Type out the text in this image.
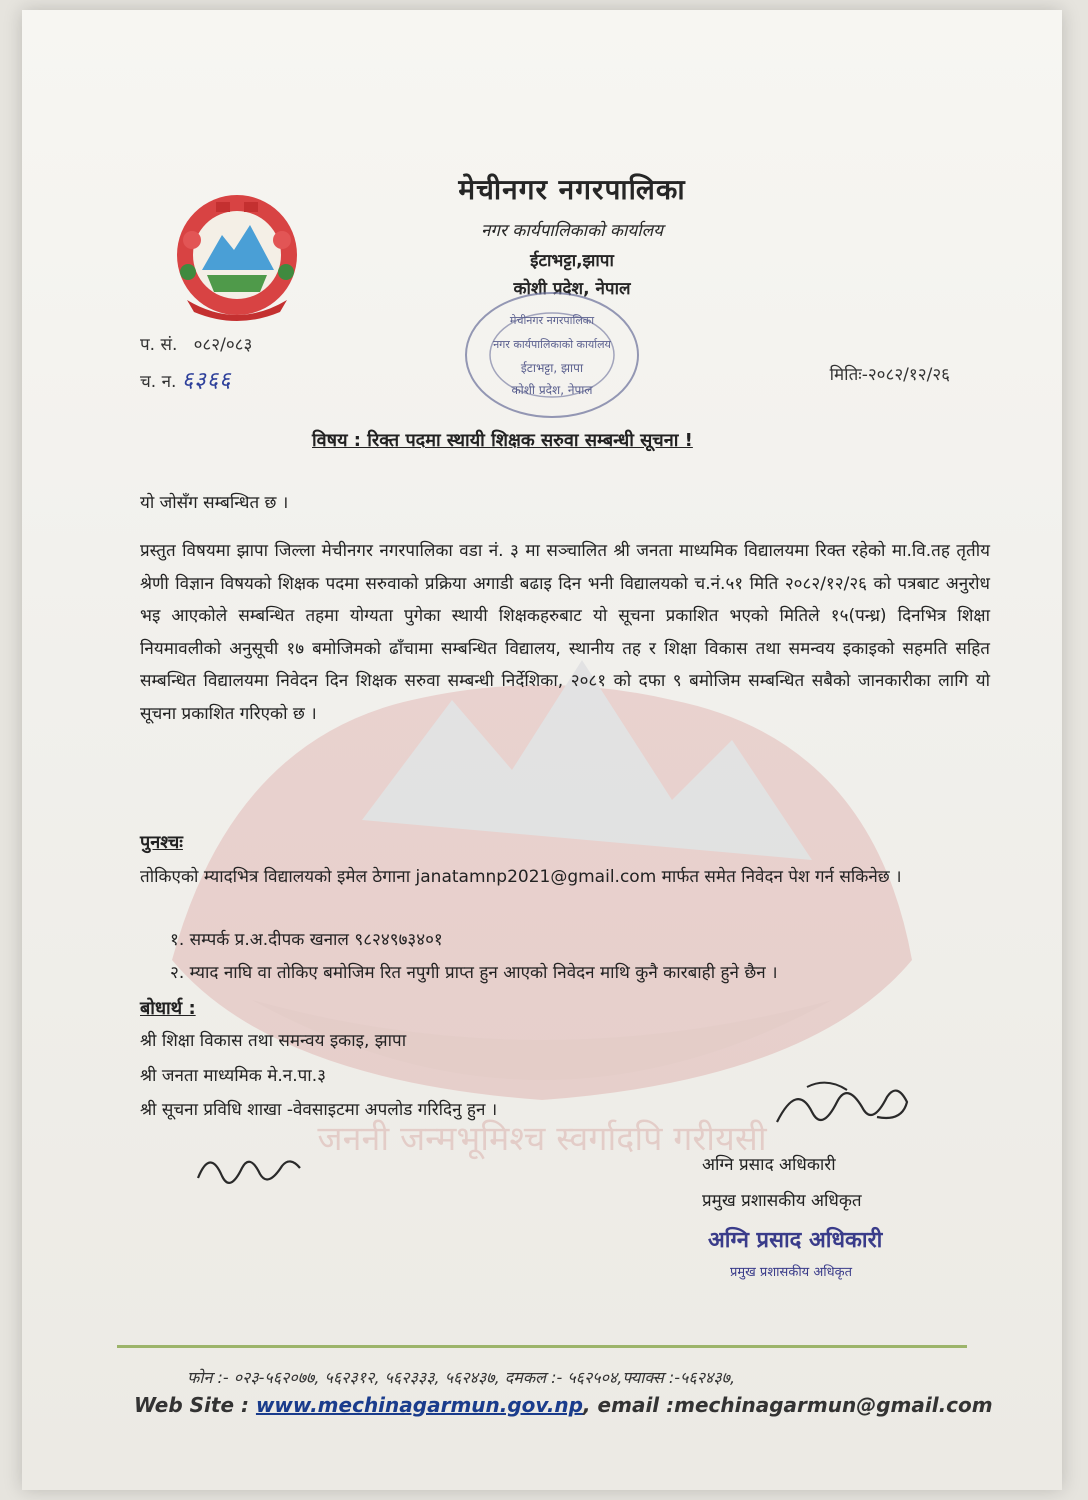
जननी जन्मभूमिश्च स्वर्गादपि गरीयसी
मेचीनगर नगरपालिका
नगर कार्यपालिकाको कार्यालय
ईटाभट्टा,झापा
कोशी प्रदेश, नेपाल
मेचीनगर नगरपालिका
नगर कार्यपालिकाको कार्यालय
ईटाभट्टा, झापा
कोशी प्रदेश, नेपाल
प. सं. ०८२/०८३
च. न. ६३६६	मितिः-२०८२/१२/२६
विषय : रिक्त पदमा स्थायी शिक्षक सरुवा सम्बन्धी सूचना !
यो जोसँग सम्बन्धित छ ।

प्रस्तुत विषयमा झापा जिल्ला मेचीनगर नगरपालिका वडा नं. ३ मा सञ्चालित श्री जनता माध्यमिक विद्यालयमा रिक्त रहेको मा.वि.तह तृतीय श्रेणी विज्ञान विषयको शिक्षक पदमा सरुवाको प्रक्रिया अगाडी बढाइ दिन भनी विद्यालयको च.नं.५१ मिति २०८२/१२/२६ को पत्रबाट अनुरोध भइ आएकोले सम्बन्धित तहमा योग्यता पुगेका स्थायी शिक्षकहरुबाट यो सूचना प्रकाशित भएको मितिले १५(पन्ध्र) दिनभित्र शिक्षा नियमावलीको अनुसूची १७ बमोजिमको ढाँचामा सम्बन्धित विद्यालय, स्थानीय तह र शिक्षा विकास तथा समन्वय इकाइको सहमति सहित सम्बन्धित विद्यालयमा निवेदन दिन शिक्षक सरुवा सम्बन्धी निर्देशिका, २०८१ को दफा ९ बमोजिम सम्बन्धित सबैको जानकारीका लागि यो सूचना प्रकाशित गरिएको छ ।

पुनश्चः

तोकिएको म्यादभित्र विद्यालयको इमेल ठेगाना janatamnp2021@gmail.com मार्फत समेत निवेदन पेश गर्न सकिनेछ ।

१. सम्पर्क प्र.अ.दीपक खनाल ९८२४९७३४०१
२. म्याद नाघि वा तोकिए बमोजिम रित नपुगी प्राप्त हुन आएको निवेदन माथि कुनै कारबाही हुने छैन ।
बोधार्थ :
श्री शिक्षा विकास तथा समन्वय इकाइ, झापा
श्री जनता माध्यमिक मे.न.पा.३
श्री सूचना प्रविधि शाखा -वेवसाइटमा अपलोड गरिदिनु हुन ।
अग्नि प्रसाद अधिकारी
प्रमुख प्रशासकीय अधिकृत
अग्नि प्रसाद अधिकारी
प्रमुख प्रशासकीय अधिकृत
फोन :- ०२३-५६२०७७, ५६२३१२, ५६२३३३, ५६२४३७, दमकल :- ५६२५०४,फ्याक्स :-५६२४३७,
Web Site : www.mechinagarmun.gov.np, email :mechinagarmun@gmail.com
